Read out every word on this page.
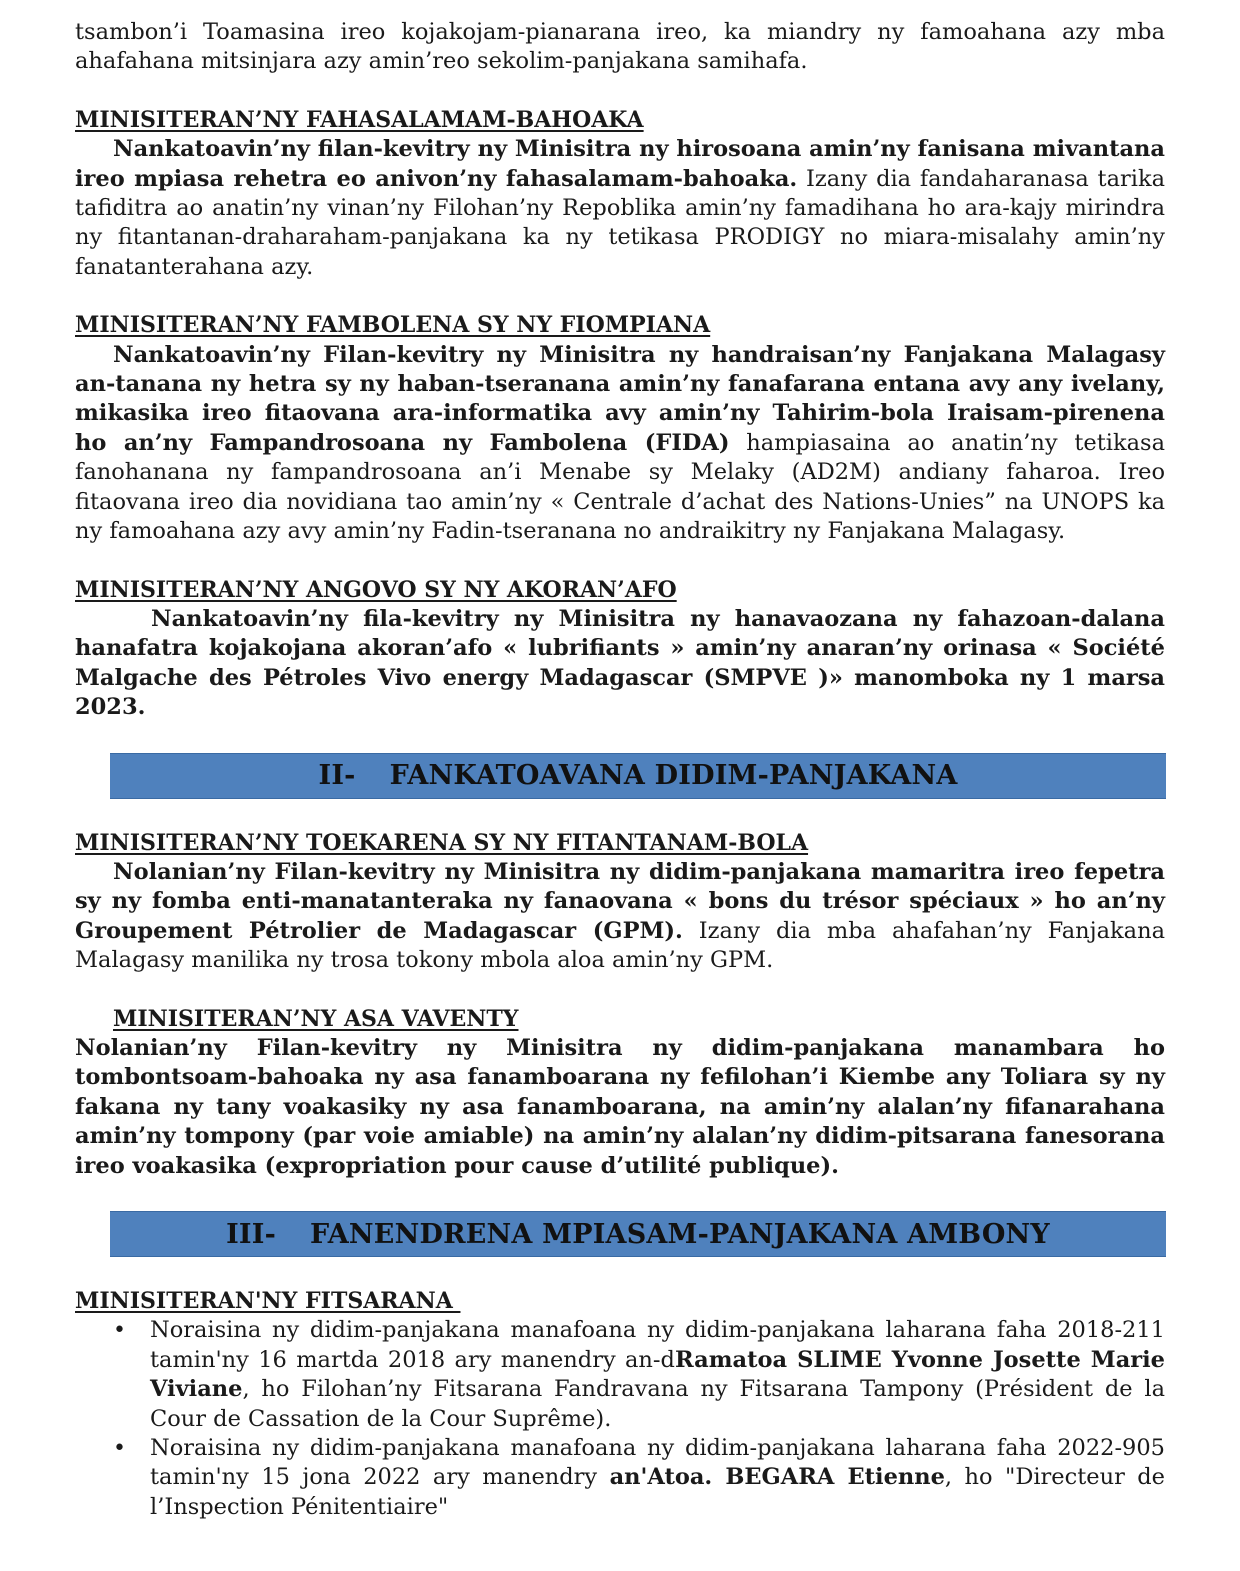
tsambon’i Toamasina ireo kojakojam-pianarana ireo, ka miandry ny famoahana azy mba ahafahana mitsinjara azy amin’reo sekolim-panjakana samihafa.

MINISITERAN’NY FAHASALAMAM-BAHOAKA

Nankatoavin’ny filan-kevitry ny Minisitra ny hirosoana amin’ny fanisana mivantana ireo mpiasa rehetra eo anivon’ny fahasalamam-bahoaka. Izany dia fandaharanasa tarika tafiditra ao anatin’ny vinan’ny Filohan’ny Repoblika amin’ny famadihana ho ara-kajy mirindra ny fitantanan-draharaham-panjakana ka ny tetikasa PRODIGY no miara-misalahy amin’ny fanatanterahana azy.

MINISITERAN’NY FAMBOLENA SY NY FIOMPIANA

Nankatoavin’ny Filan-kevitry ny Minisitra ny handraisan’ny Fanjakana Malagasy an-tanana ny hetra sy ny haban-tseranana amin’ny fanafarana entana avy any ivelany, mikasika ireo fitaovana ara-informatika avy amin’ny Tahirim-bola Iraisam-pirenena ho an’ny Fampandrosoana ny Fambolena (FIDA) hampiasaina ao anatin’ny tetikasa fanohanana ny fampandrosoana an’i Menabe sy Melaky (AD2M) andiany faharoa. Ireo fitaovana ireo dia novidiana tao amin’ny « Centrale d’achat des Nations-Unies” na UNOPS ka ny famoahana azy avy amin’ny Fadin-tseranana no andraikitry ny Fanjakana Malagasy.

MINISITERAN’NY ANGOVO SY NY AKORAN’AFO

Nankatoavin’ny fila-kevitry ny Minisitra ny hanavaozana ny fahazoan-dalana hanafatra kojakojana akoran’afo « lubrifiants » amin’ny anaran’ny orinasa « Société Malgache des Pétroles Vivo energy Madagascar (SMPVE )» manomboka ny 1 marsa 2023.

II- FANKATOAVANA DIDIM-PANJAKANA
MINISITERAN’NY TOEKARENA SY NY FITANTANAM-BOLA

Nolanian’ny Filan-kevitry ny Minisitra ny didim-panjakana mamaritra ireo fepetra sy ny fomba enti-manatanteraka ny fanaovana « bons du trésor spéciaux » ho an’ny Groupement Pétrolier de Madagascar (GPM). Izany dia mba ahafahan’ny Fanjakana Malagasy manilika ny trosa tokony mbola aloa amin’ny GPM.

MINISITERAN’NY ASA VAVENTY

Nolanian’ny Filan-kevitry ny Minisitra ny didim-panjakana manambara ho tombontsoam-bahoaka ny asa fanamboarana ny fefilohan’i Kiembe any Toliara sy ny fakana ny tany voakasiky ny asa fanamboarana, na amin’ny alalan’ny fifanarahana amin’ny tompony (par voie amiable) na amin’ny alalan’ny didim-pitsarana fanesorana ireo voakasika (expropriation pour cause d’utilité publique).

III- FANENDRENA MPIASAM-PANJAKANA AMBONY
MINISITERAN'NY FITSARANA
• Noraisina ny didim-panjakana manafoana ny didim-panjakana laharana faha 2018-211 tamin'ny 16 martda 2018 ary manendry an-dRamatoa SLIME Yvonne Josette Marie Viviane, ho Filohan’ny Fitsarana Fandravana ny Fitsarana Tampony (Président de la Cour de Cassation de la Cour Suprême).

• Noraisina ny didim-panjakana manafoana ny didim-panjakana laharana faha 2022-905 tamin'ny 15 jona 2022 ary manendry an'Atoa. BEGARA Etienne, ho "Directeur de l’Inspection Pénitentiaire"
